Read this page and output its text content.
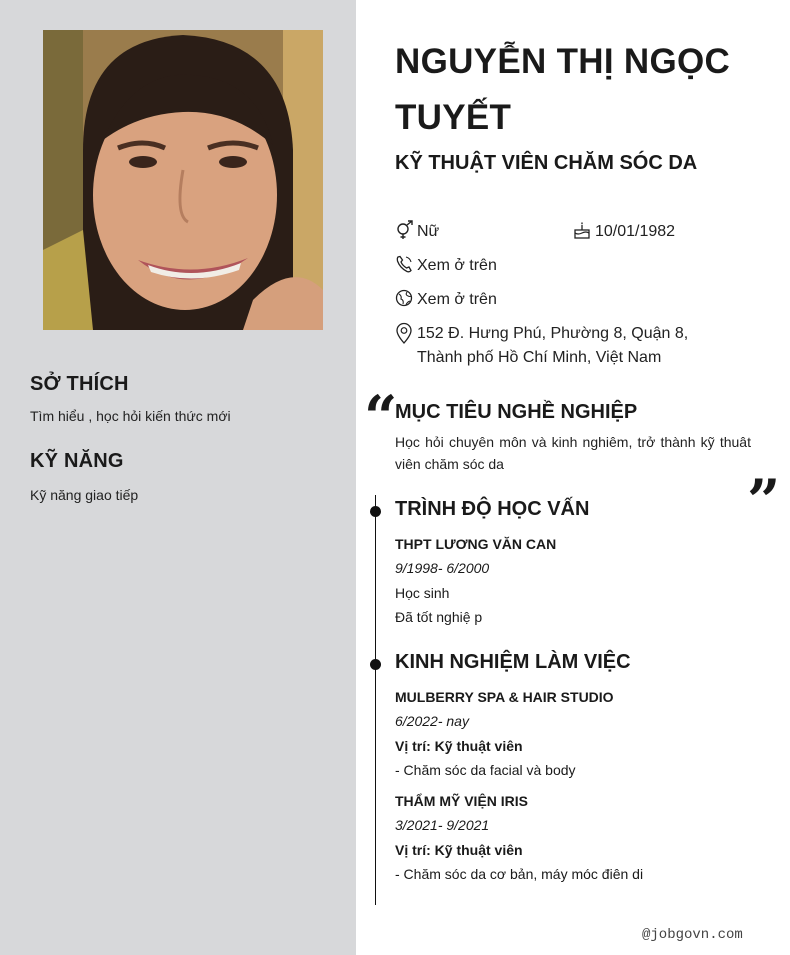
SỞ THÍCH

Tìm hiểu , học hỏi kiến thức mới

KỸ NĂNG

Kỹ năng giao tiếp

NGUYỄN THỊ NGỌC TUYẾT
KỸ THUẬT VIÊN CHĂM SÓC DA
Nữ	10/01/1982
Xem ở trên
Xem ở trên
152 Đ. Hưng Phú, Phường 8, Quận 8, Thành phố Hồ Chí Minh, Việt Nam
“
MỤC TIÊU NGHỀ NGHIỆP
Học hỏi chuyên môn và kinh nghiêm, trở thành kỹ thuât viên chăm sóc da
”
TRÌNH ĐỘ HỌC VẤN
THPT LƯƠNG VĂN CAN
9/1998- 6/2000
Học sinh
Đã tốt nghiệ p
KINH NGHIỆM LÀM VIỆC
MULBERRY SPA & HAIR STUDIO
6/2022- nay
Vị trí: Kỹ thuật viên
- Chăm sóc da facial và body
THẨM MỸ VIỆN IRIS
3/2021- 9/2021
Vị trí: Kỹ thuật viên
- Chăm sóc da cơ bản, máy móc điên di
@jobgovn.com
